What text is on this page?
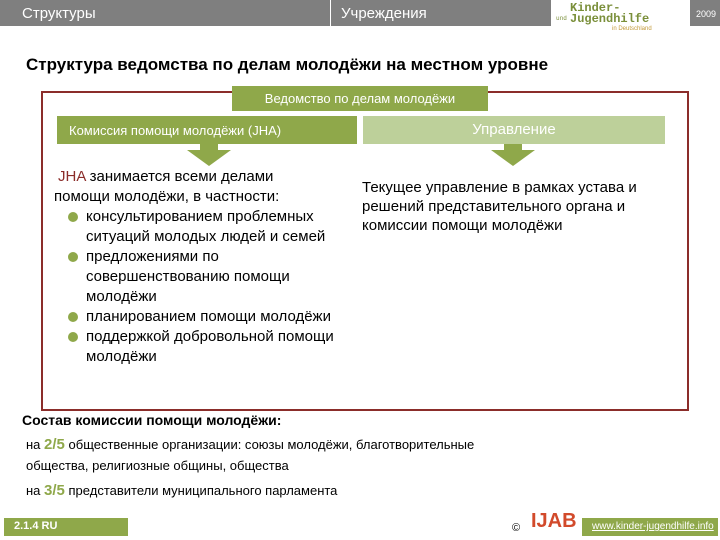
Структуры	Учреждения	2009
Kinder-
und Jugendhilfe
in Deutschland
Структура ведомства по делам молодёжи на местном уровне
Ведомство по делам молодёжи
Комиссия помощи молодёжи (JHA)	Управление
JHA занимается всеми делами
помощи молодёжи, в частности:
консультированием проблемных ситуаций молодых людей и семей
предложениями по совершенствованию помощи молодёжи
планированием помощи молодёжи
поддержкой добровольной помощи молодёжи
Текущее управление в рамках устава и решений представительного органа и комиссии помощи молодёжи
Состав комиссии помощи молодёжи:
на 2/5 общественные организации: союзы молодёжи, благотворительные
общества, религиозные общины, общества
на 3/5 представители муниципального парламента
2.1.4 RU	© IJAB www.kinder-jugendhilfe.info
